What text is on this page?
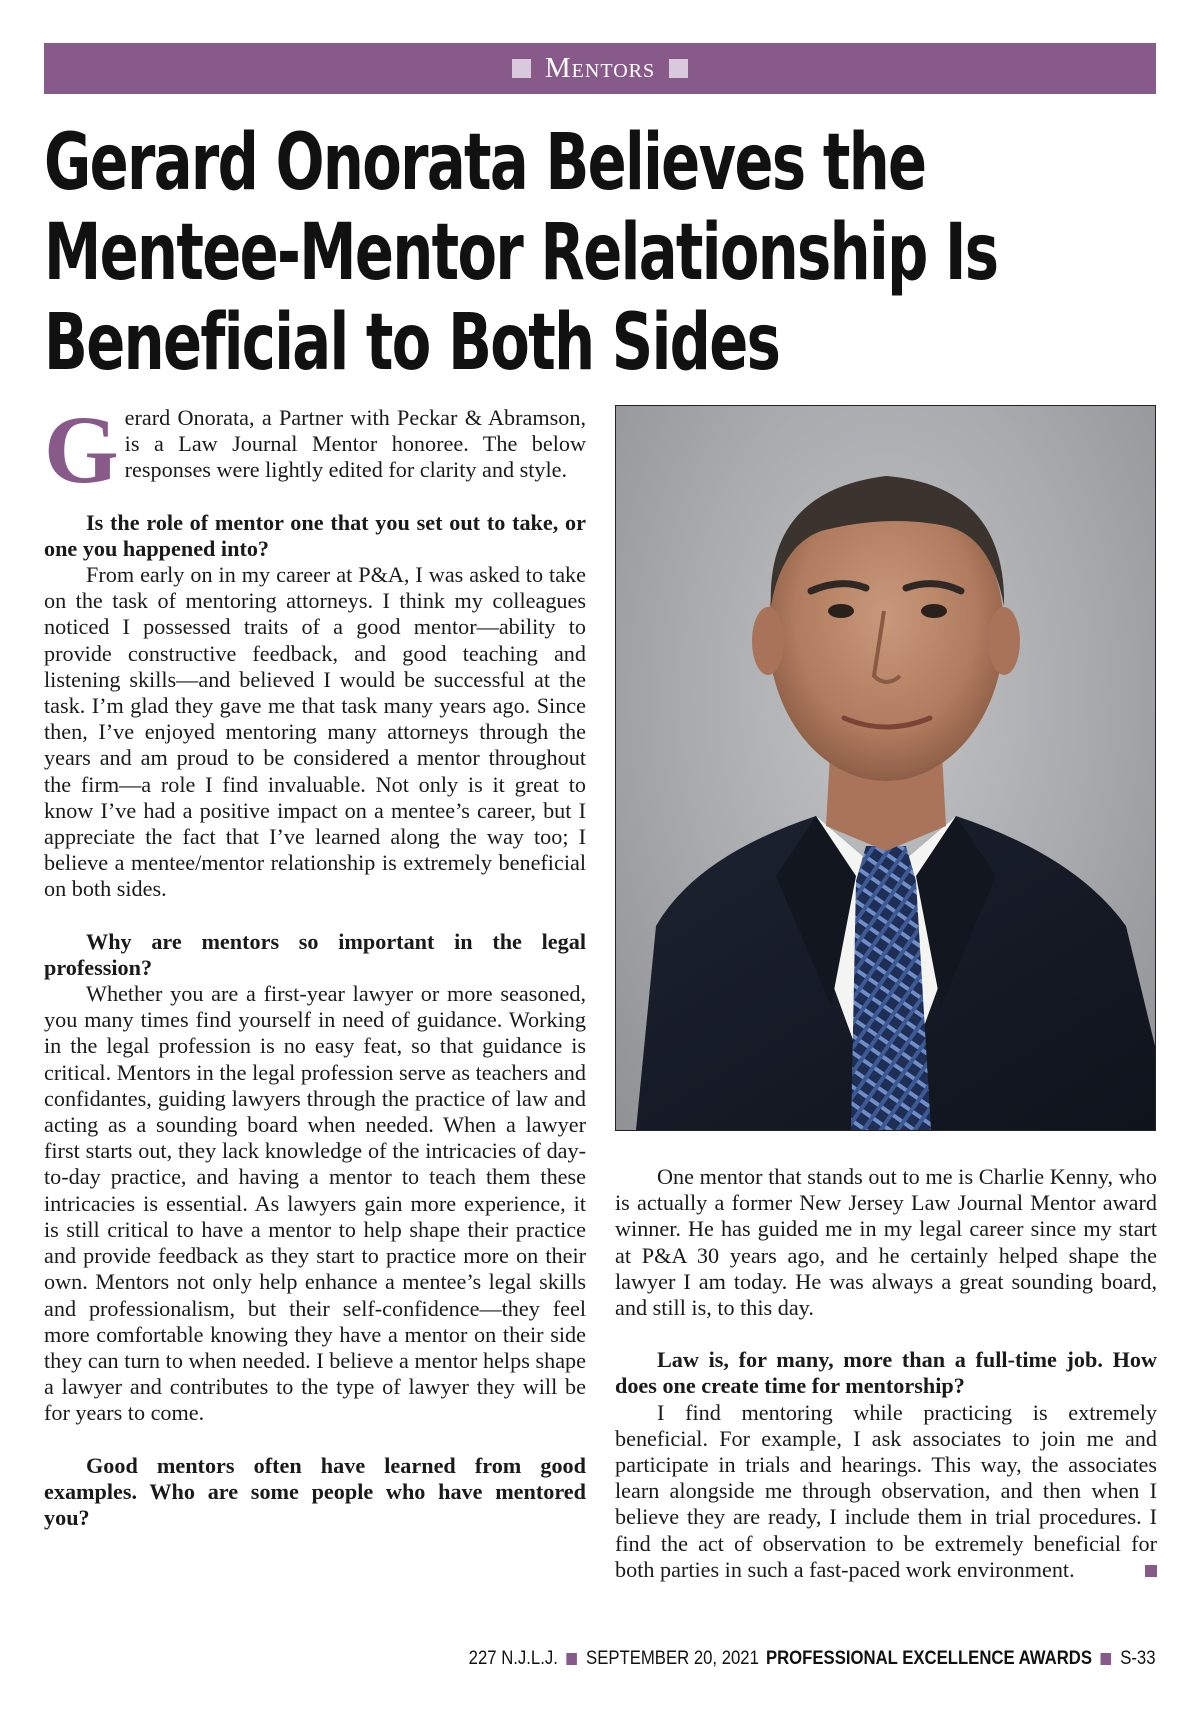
Mentors
Gerard Onorata Believes the Mentee-Mentor Relationship Is Beneficial to Both Sides

Gerard Onorata, a Partner with Peckar & Abramson, is a Law Journal Mentor honoree. The below responses were lightly edited for clarity and style.

Is the role of mentor one that you set out to take, or one you happened into?

From early on in my career at P&A, I was asked to take on the task of mentoring attorneys. I think my colleagues noticed I possessed traits of a good mentor—ability to provide constructive feedback, and good teaching and listening skills—and believed I would be successful at the task. I’m glad they gave me that task many years ago. Since then, I’ve enjoyed mentoring many attorneys through the years and am proud to be considered a mentor throughout the firm—a role I find invaluable. Not only is it great to know I’ve had a positive impact on a mentee’s career, but I appreciate the fact that I’ve learned along the way too; I believe a mentee/mentor relationship is extremely beneficial on both sides.

Why are mentors so important in the legal profession?

Whether you are a first-year lawyer or more seasoned, you many times find yourself in need of guidance. Working in the legal profession is no easy feat, so that guidance is critical. Mentors in the legal profession serve as teachers and confidantes, guiding lawyers through the practice of law and acting as a sounding board when needed. When a lawyer first starts out, they lack knowledge of the intricacies of day-to-day practice, and having a mentor to teach them these intricacies is essential. As lawyers gain more experience, it is still critical to have a mentor to help shape their practice and provide feedback as they start to practice more on their own. Mentors not only help enhance a mentee’s legal skills and professionalism, but their self-confidence—they feel more comfortable knowing they have a mentor on their side they can turn to when needed. I believe a mentor helps shape a lawyer and contributes to the type of lawyer they will be for years to come.

Good mentors often have learned from good examples. Who are some people who have mentored you?

One mentor that stands out to me is Charlie Kenny, who is actually a former New Jersey Law Journal Mentor award winner. He has guided me in my legal career since my start at P&A 30 years ago, and he certainly helped shape the lawyer I am today. He was always a great sounding board, and still is, to this day.

Law is, for many, more than a full-time job. How does one create time for mentorship?

I find mentoring while practicing is extremely beneficial. For example, I ask associates to join me and participate in trials and hearings. This way, the associates learn alongside me through observation, and then when I believe they are ready, I include them in trial procedures. I find the act of observation to be extremely beneficial for both parties in such a fast-paced work environment.

227 N.J.L.J. SEPTEMBER 20, 2021 PROFESSIONAL EXCELLENCE AWARDS S-33
